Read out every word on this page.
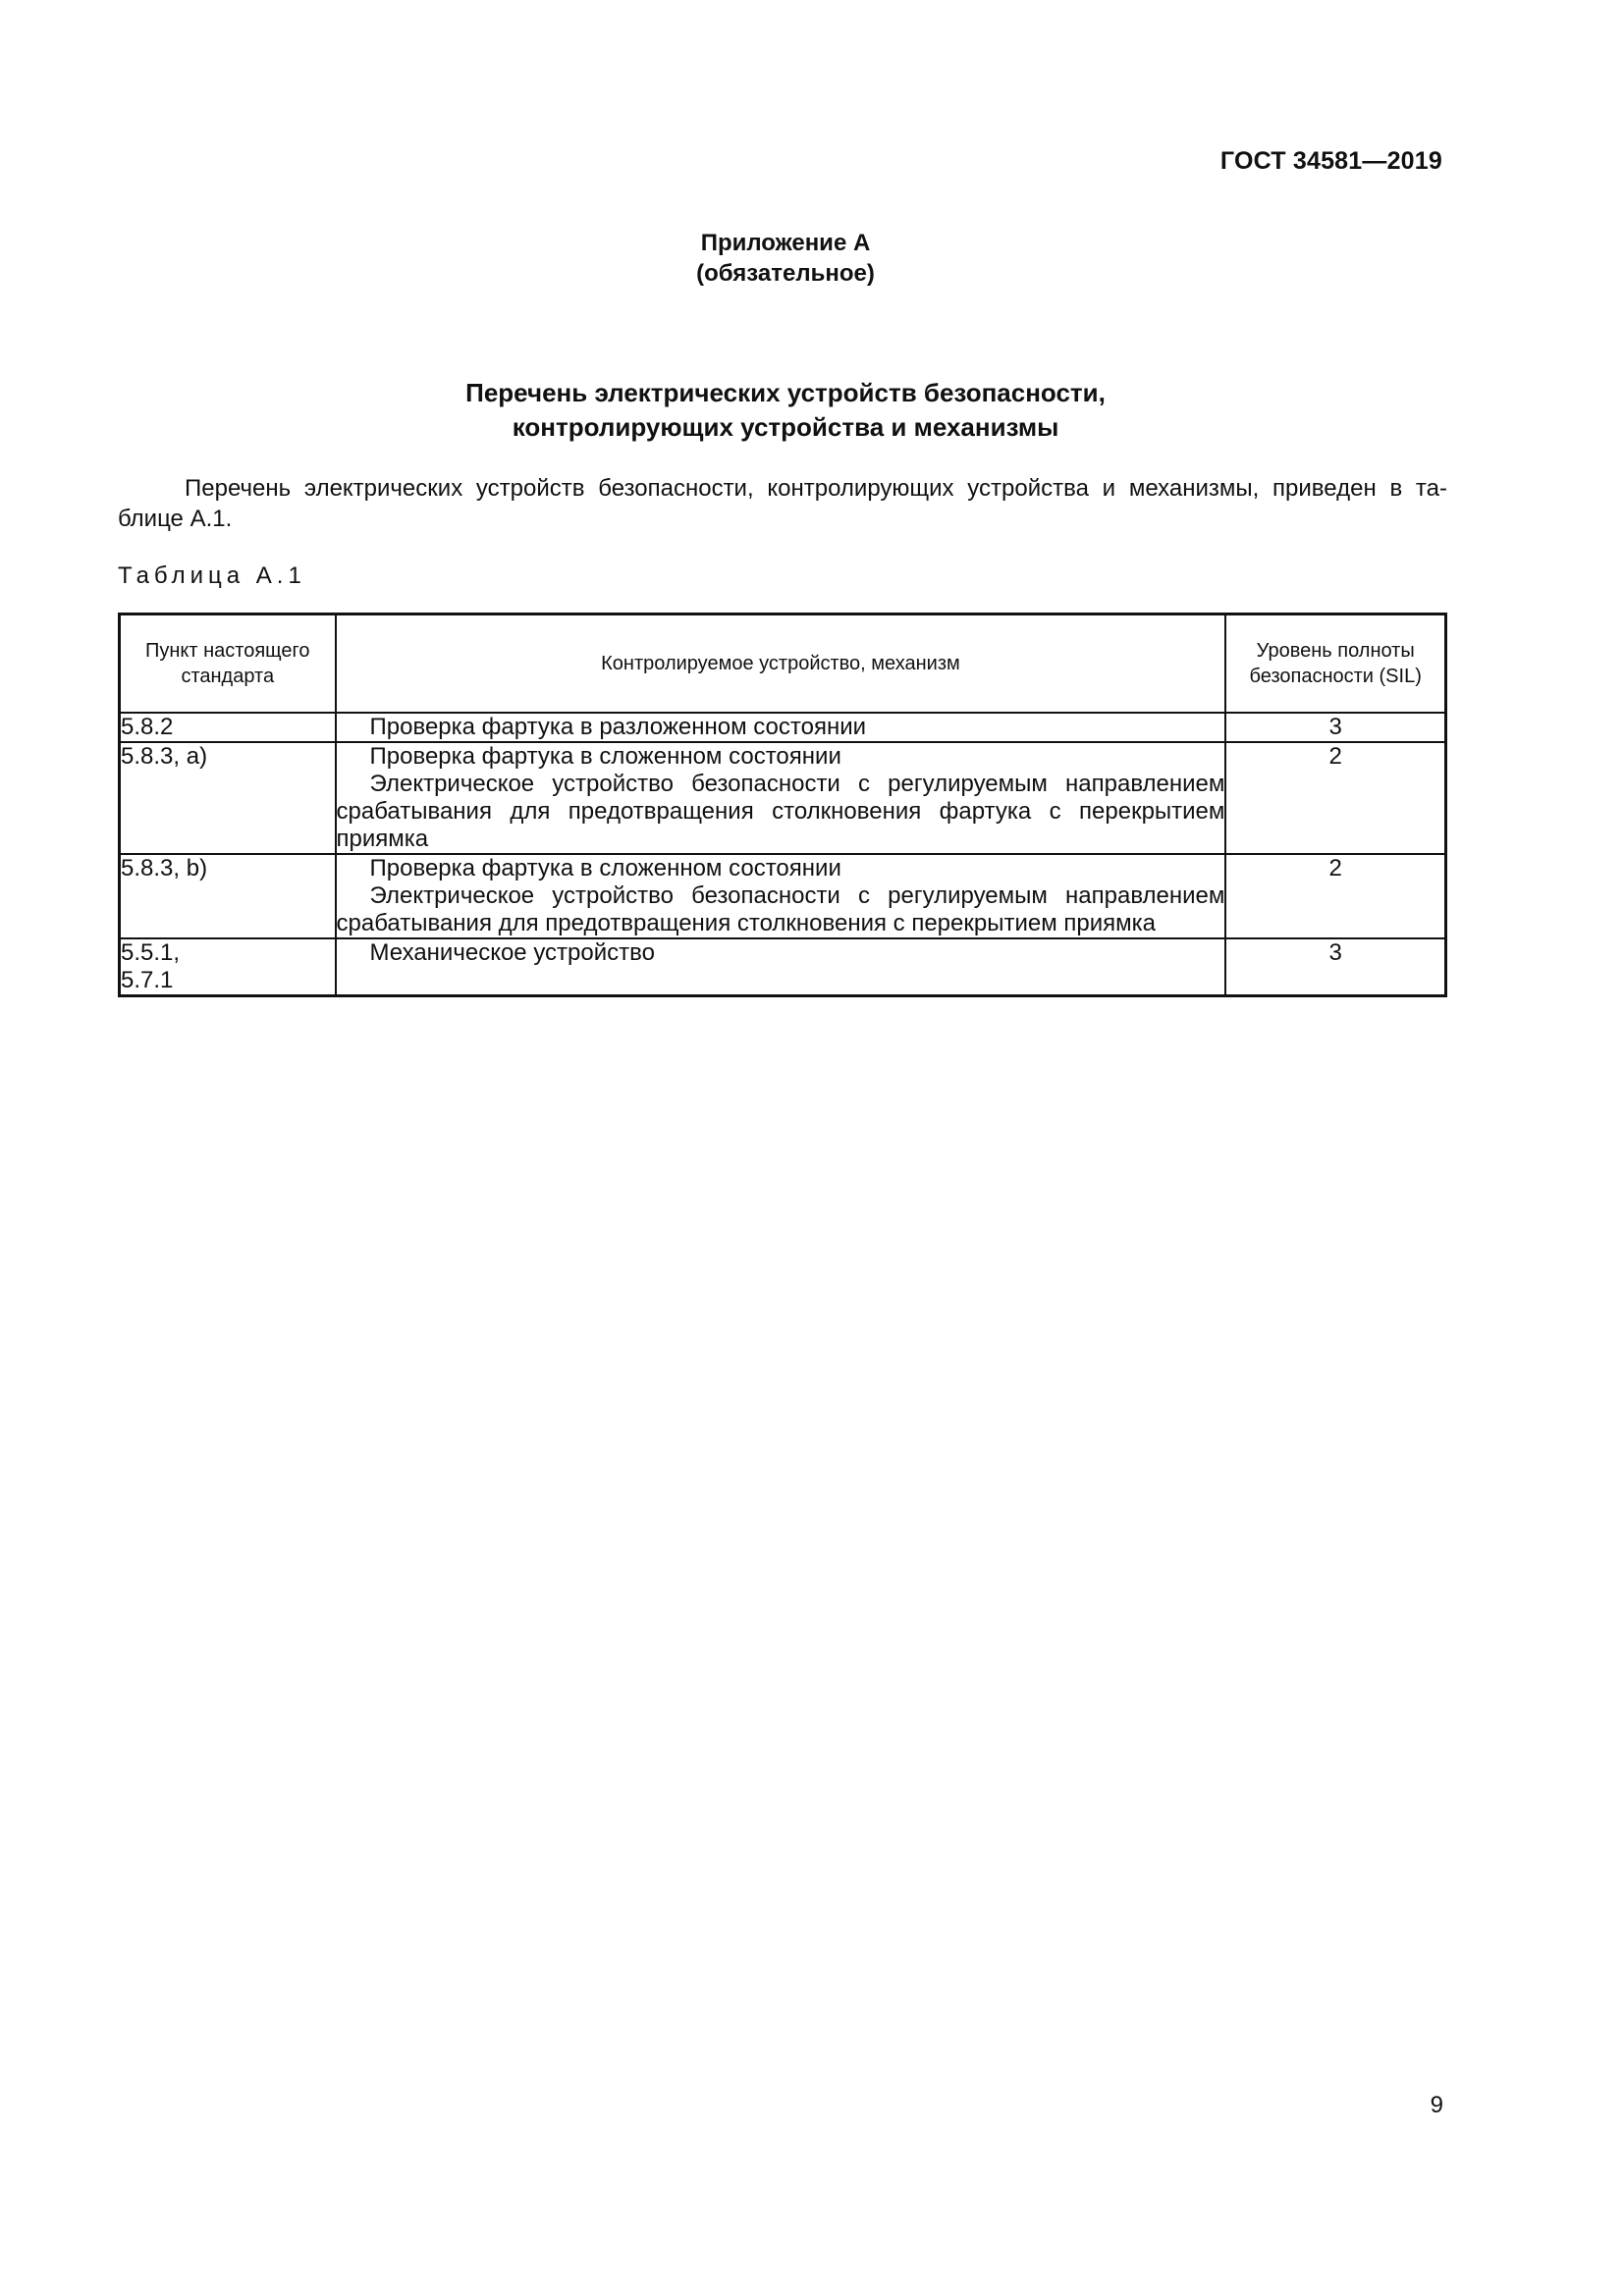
ГОСТ 34581—2019
Приложение А
(обязательное)
Перечень электрических устройств безопасности,
контролирующих устройства и механизмы
Перечень электрических устройств безопасности, контролирующих устройства и механизмы, приведен в та-
блице А.1.
Таблица А.1
Пункт настоящего стандарта	Контролируемое устройство, механизм	Уровень полноты безопасности (SIL)

5.8.2	Проверка фартука в разложенном состоянии	3

5.8.3, a)	Проверка фартука в сложенном состоянии
Электрическое устройство безопасности с регулируемым направлением срабатывания для предотвращения столкновения фартука с перекрытием приямка	2

5.8.3, b)	Проверка фартука в сложенном состоянии
Электрическое устройство безопасности с регулируемым направлением срабатывания для предотвращения столкновения с перекрытием приямка	2

5.5.1,
5.7.1	Механическое устройство	3
9
